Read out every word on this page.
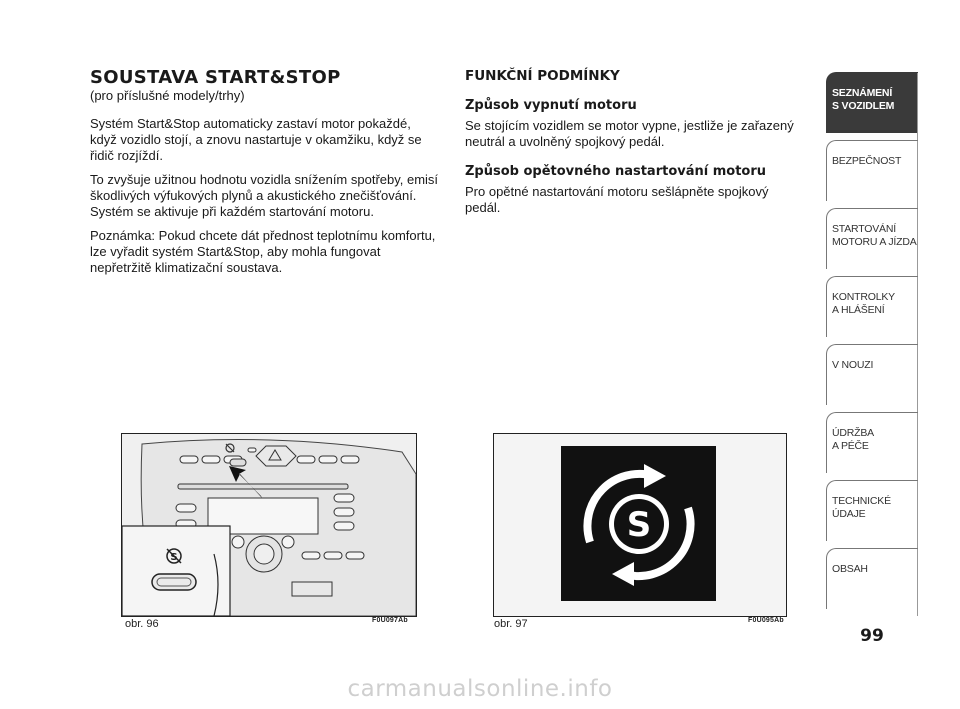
SOUSTAVA START&STOP

(pro příslušné modely/trhy)

Systém Start&Stop automaticky zastaví motor pokaždé, když vozidlo stojí, a znovu nastartuje v okamžiku, když se řidič rozjíždí.

To zvyšuje užitnou hodnotu vozidla snížením spotřeby, emisí škodlivých výfukových plynů a akustického znečišťování. Systém se aktivuje při každém startování motoru.

Poznámka: Pokud chcete dát přednost teplotnímu komfortu, lze vyřadit systém Start&Stop, aby mohla fungovat nepřetržitě klimatizační soustava.

FUNKČNÍ PODMÍNKY
Způsob vypnutí motoru

Se stojícím vozidlem se motor vypne, jestliže je zařazený neutrál a uvolněný spojkový pedál.

Způsob opětovného nastartování motoru

Pro opětné nastartování motoru sešlápněte spojkový pedál.

S
obr. 96	F0U097Ab
S
obr. 97	F0U095Ab
SEZNÁMENÍ
S VOZIDLEM
BEZPEČNOST
STARTOVÁNÍ
MOTORU A JÍZDA
KONTROLKY
A HLÁŠENÍ
V NOUZI
ÚDRŽBA
A PÉČE
TECHNICKÉ
ÚDAJE
OBSAH
99
carmanualsonline.info
